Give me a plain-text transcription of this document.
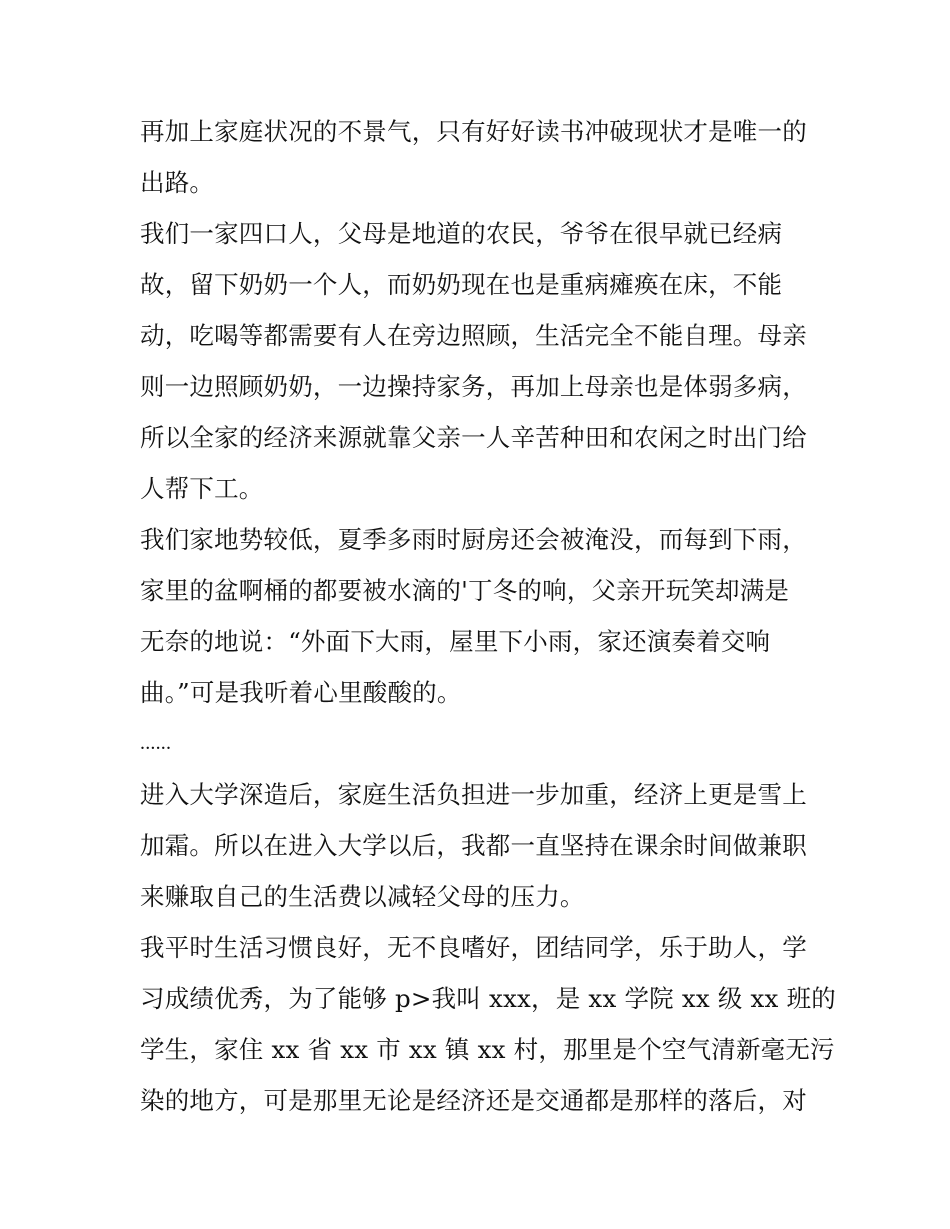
再加上家庭状况的不景气，只有好好读书冲破现状才是唯一的
出路。
我们一家四口人，父母是地道的农民，爷爷在很早就已经病
故，留下奶奶一个人，而奶奶现在也是重病瘫痪在床，不能
动，吃喝等都需要有人在旁边照顾，生活完全不能自理。母亲
则一边照顾奶奶，一边操持家务，再加上母亲也是体弱多病，
所以全家的经济来源就靠父亲一人辛苦种田和农闲之时出门给
人帮下工。
我们家地势较低，夏季多雨时厨房还会被淹没，而每到下雨，
家里的盆啊桶的都要被水滴的'丁冬的响，父亲开玩笑却满是
无奈的地说：“外面下大雨，屋里下小雨，家还演奏着交响
曲。”可是我听着心里酸酸的。
......
进入大学深造后，家庭生活负担进一步加重，经济上更是雪上
加霜。所以在进入大学以后，我都一直坚持在课余时间做兼职
来赚取自己的生活费以减轻父母的压力。
我平时生活习惯良好，无不良嗜好，团结同学，乐于助人，学
习成绩优秀，为了能够 p>我叫 xxx，是 xx 学院 xx 级 xx 班的
学生，家住 xx 省 xx 市 xx 镇 xx 村，那里是个空气清新毫无污
染的地方，可是那里无论是经济还是交通都是那样的落后，对
